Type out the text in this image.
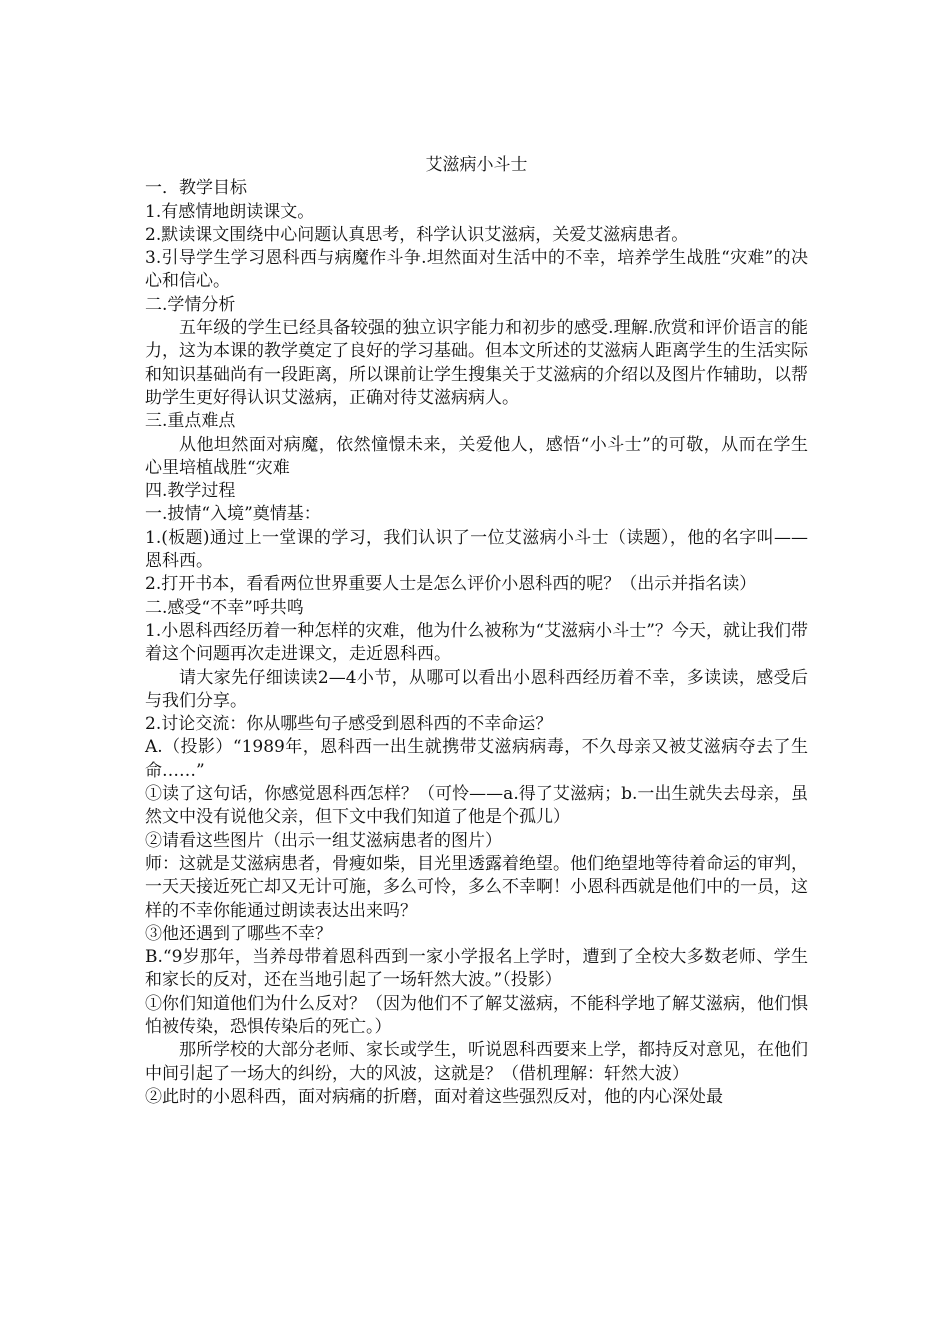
艾滋病小斗士

一．教学目标

1.有感情地朗读课文。

2.默读课文围绕中心问题认真思考，科学认识艾滋病，关爱艾滋病患者。

3.引导学生学习恩科西与病魔作斗争.坦然面对生活中的不幸，培养学生战胜“灾难”的决心和信心。

二.学情分析

五年级的学生已经具备较强的独立识字能力和初步的感受.理解.欣赏和评价语言的能力，这为本课的教学奠定了良好的学习基础。但本文所述的艾滋病人距离学生的生活实际和知识基础尚有一段距离，所以课前让学生搜集关于艾滋病的介绍以及图片作辅助，以帮助学生更好得认识艾滋病，正确对待艾滋病病人。

三.重点难点

从他坦然面对病魔，依然憧憬未来，关爱他人，感悟“小斗士”的可敬，从而在学生心里培植战胜“灾难

四.教学过程

一.披情“入境”奠情基：

1.(板题)通过上一堂课的学习，我们认识了一位艾滋病小斗士（读题），他的名字叫——恩科西。

2.打开书本，看看两位世界重要人士是怎么评价小恩科西的呢？（出示并指名读）

二.感受“不幸”呼共鸣

1.小恩科西经历着一种怎样的灾难，他为什么被称为“艾滋病小斗士”？今天，就让我们带着这个问题再次走进课文，走近恩科西。

请大家先仔细读读2—4小节，从哪可以看出小恩科西经历着不幸，多读读，感受后与我们分享。

2.讨论交流：你从哪些句子感受到恩科西的不幸命运？

A.（投影）“1989年，恩科西一出生就携带艾滋病病毒，不久母亲又被艾滋病夺去了生命……”

①读了这句话，你感觉恩科西怎样？（可怜——a.得了艾滋病；b.一出生就失去母亲，虽然文中没有说他父亲，但下文中我们知道了他是个孤儿）

②请看这些图片（出示一组艾滋病患者的图片）

师：这就是艾滋病患者，骨瘦如柴，目光里透露着绝望。他们绝望地等待着命运的审判，一天天接近死亡却又无计可施，多么可怜，多么不幸啊！小恩科西就是他们中的一员，这样的不幸你能通过朗读表达出来吗？

③他还遇到了哪些不幸？

B.“9岁那年，当养母带着恩科西到一家小学报名上学时，遭到了全校大多数老师、学生和家长的反对，还在当地引起了一场轩然大波。”（投影）

①你们知道他们为什么反对？（因为他们不了解艾滋病，不能科学地了解艾滋病，他们惧怕被传染，恐惧传染后的死亡。）

那所学校的大部分老师、家长或学生，听说恩科西要来上学，都持反对意见，在他们中间引起了一场大的纠纷，大的风波，这就是？（借机理解：轩然大波）

②此时的小恩科西，面对病痛的折磨，面对着这些强烈反对，他的内心深处最
